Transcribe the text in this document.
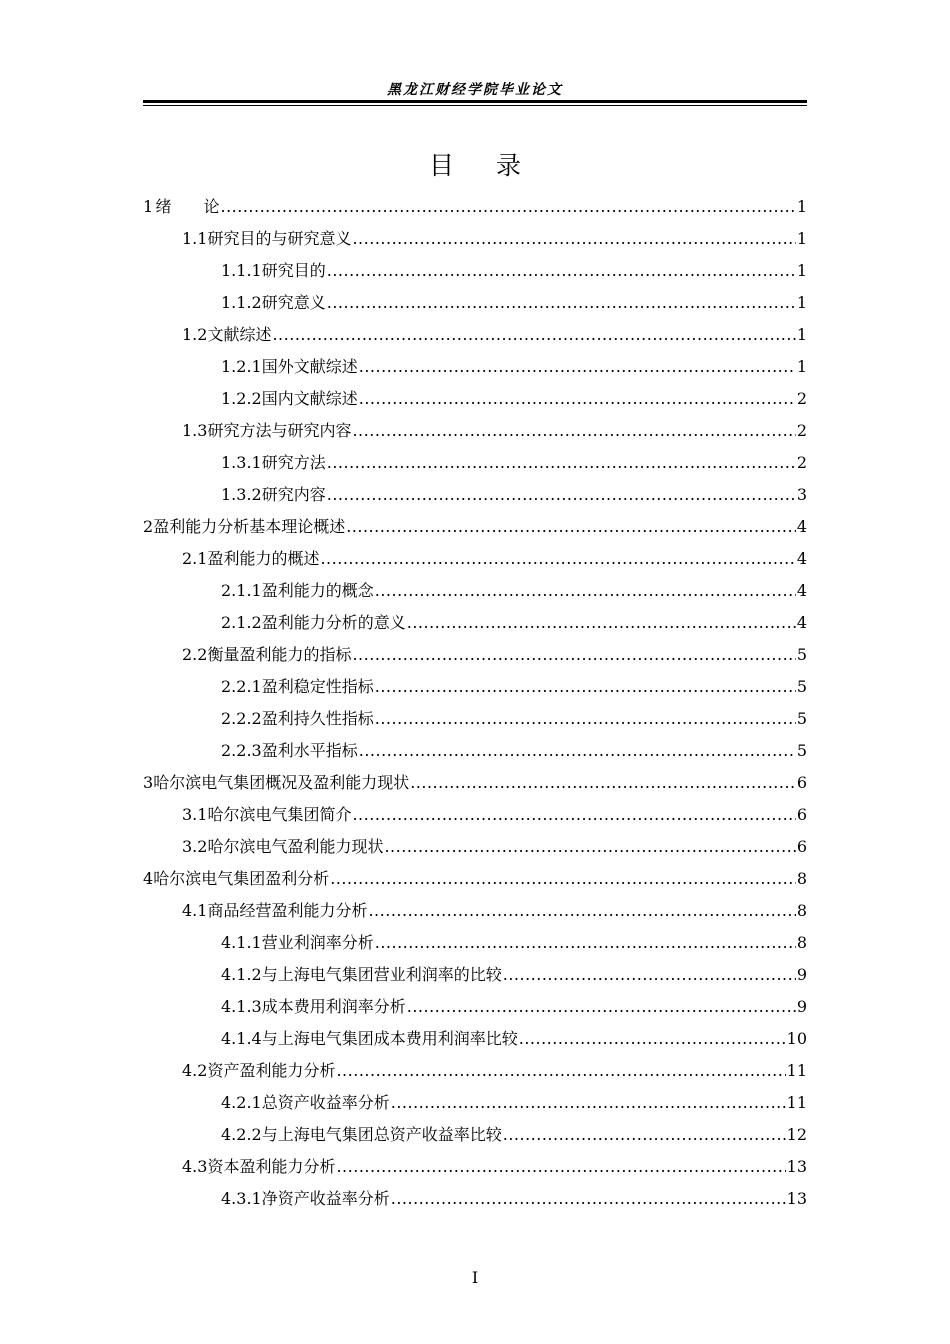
黑龙江财经学院毕业论文
目录
1 绪　　论 .....	1
1.1 研究目的与研究意义 .....	1
1.1.1 研究目的 .....	1
1.1.2 研究意义 .....	1
1.2 文献综述 .....	1
1.2.1 国外文献综述 .....	1
1.2.2 国内文献综述 .....	2
1.3 研究方法与研究内容 .....	2
1.3.1 研究方法 .....	2
1.3.2 研究内容 .....	3
2 盈利能力分析基本理论概述 .....	4
2.1 盈利能力的概述 .....	4
2.1.1 盈利能力的概念 .....	4
2.1.2 盈利能力分析的意义 .....	4
2.2 衡量盈利能力的指标 .....	5
2.2.1 盈利稳定性指标 .....	5
2.2.2 盈利持久性指标 .....	5
2.2.3 盈利水平指标 .....	5
3 哈尔滨电气集团概况及盈利能力现状 .....	6
3.1 哈尔滨电气集团简介 .....	6
3.2 哈尔滨电气盈利能力现状 .....	6
4 哈尔滨电气集团盈利分析 .....	8
4.1 商品经营盈利能力分析 .....	8
4.1.1 营业利润率分析 .....	8
4.1.2 与上海电气集团营业利润率的比较 .....	9
4.1.3 成本费用利润率分析 .....	9
4.1.4 与上海电气集团成本费用利润率比较 .....	10
4.2 资产盈利能力分析 .....	11
4.2.1 总资产收益率分析 .....	11
4.2.2 与上海电气集团总资产收益率比较 .....	12
4.3 资本盈利能力分析 .....	13
4.3.1 净资产收益率分析 .....	13
I
